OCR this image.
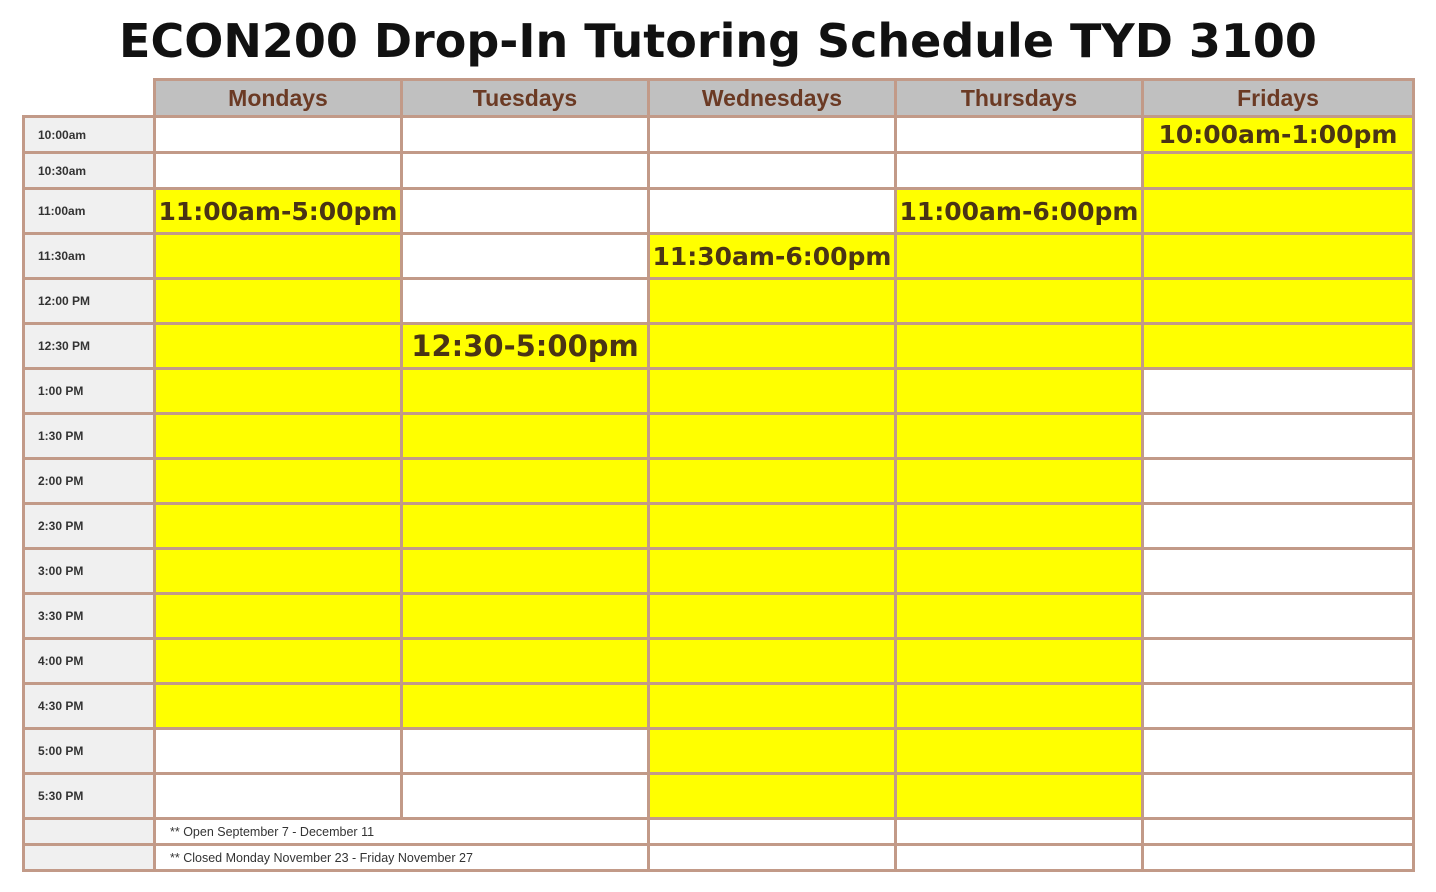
ECON200 Drop-In Tutoring Schedule TYD 3100
	Mondays	Tuesdays	Wednesdays	Thursdays	Fridays
10:00am					10:00am-1:00pm

10:30am					
11:00am	11:00am-5:00pm			11:00am-6:00pm	

11:30am			11:30am-6:00pm		

12:00 PM					
12:30 PM		12:30-5:00pm			

1:00 PM					
1:30 PM					
2:00 PM					
2:30 PM					
3:00 PM					
3:30 PM					
4:00 PM					
4:30 PM					
5:00 PM					
5:30 PM					
	** Open September 7 - December 11				
	** Closed Monday November 23 - Friday November 27				
